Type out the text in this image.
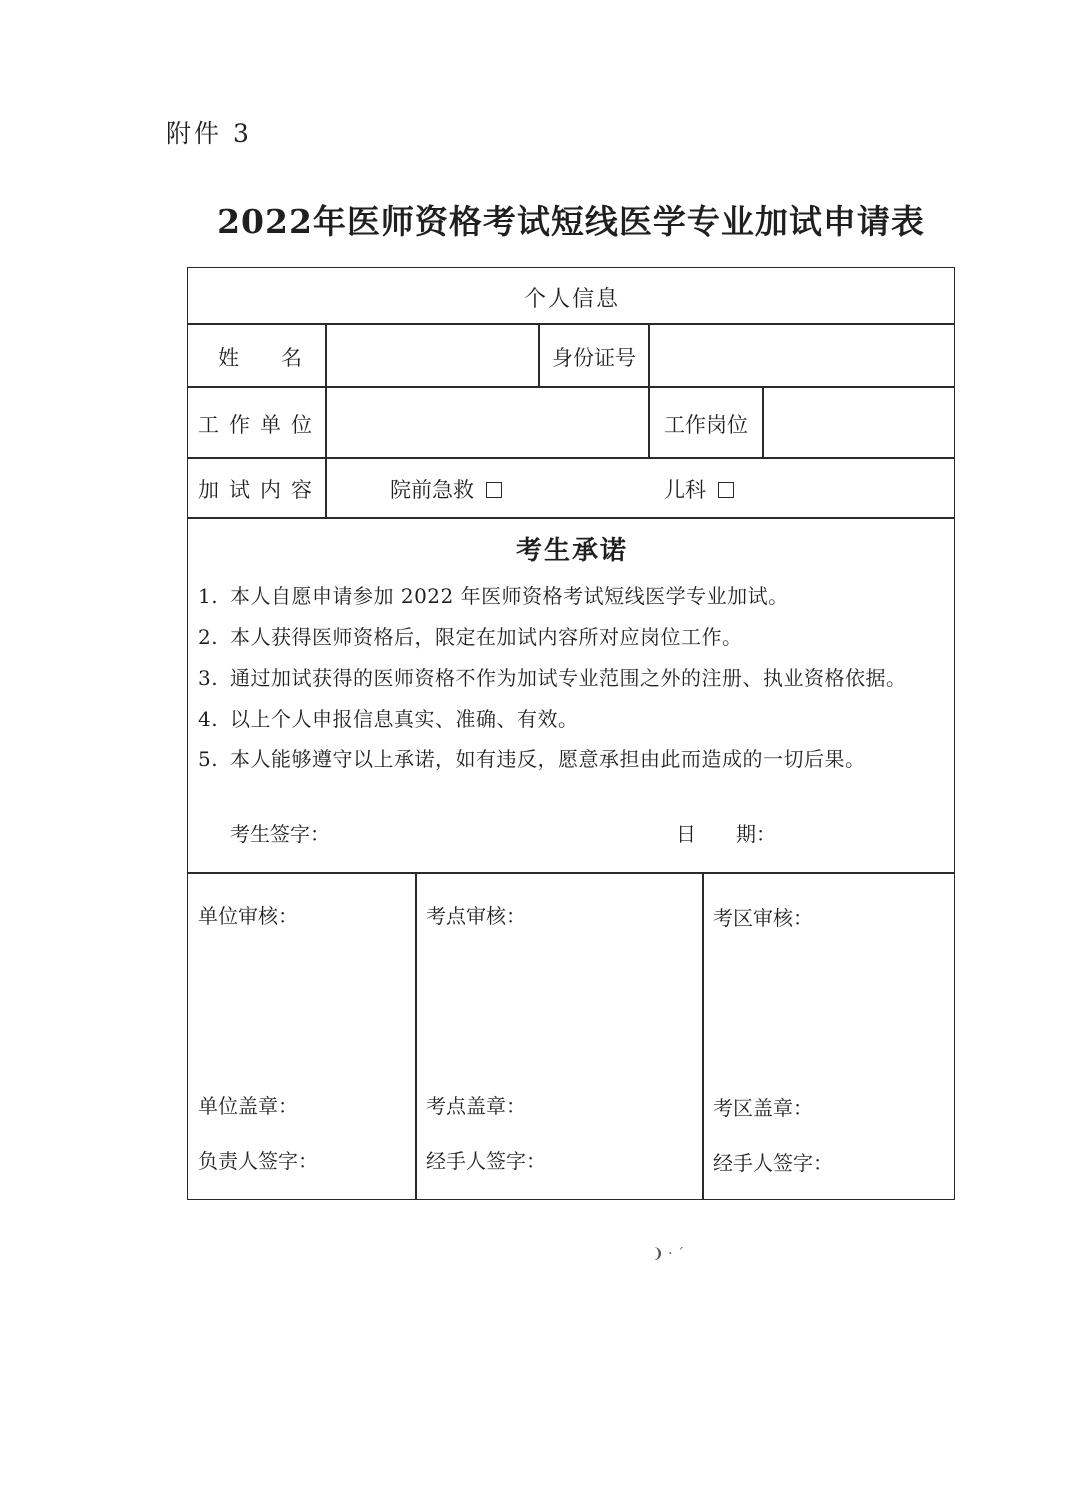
附件 3
2022年医师资格考试短线医学专业加试申请表
个人信息
姓　　名	身份证号
工作单位	工作岗位
加试内容	院前急救	儿科
考生承诺
1. 本人自愿申请参加 2022 年医师资格考试短线医学专业加试。
2. 本人获得医师资格后，限定在加试内容所对应岗位工作。
3. 通过加试获得的医师资格不作为加试专业范围之外的注册、执业资格依据。
4. 以上个人申报信息真实、准确、有效。
5. 本人能够遵守以上承诺，如有违反，愿意承担由此而造成的一切后果。
考生签字：	日　　期：
单位审核：
单位盖章：
负责人签字：
考点审核：
考点盖章：
经手人签字：
考区审核：
考区盖章：
经手人签字：
❩ · ˊ
